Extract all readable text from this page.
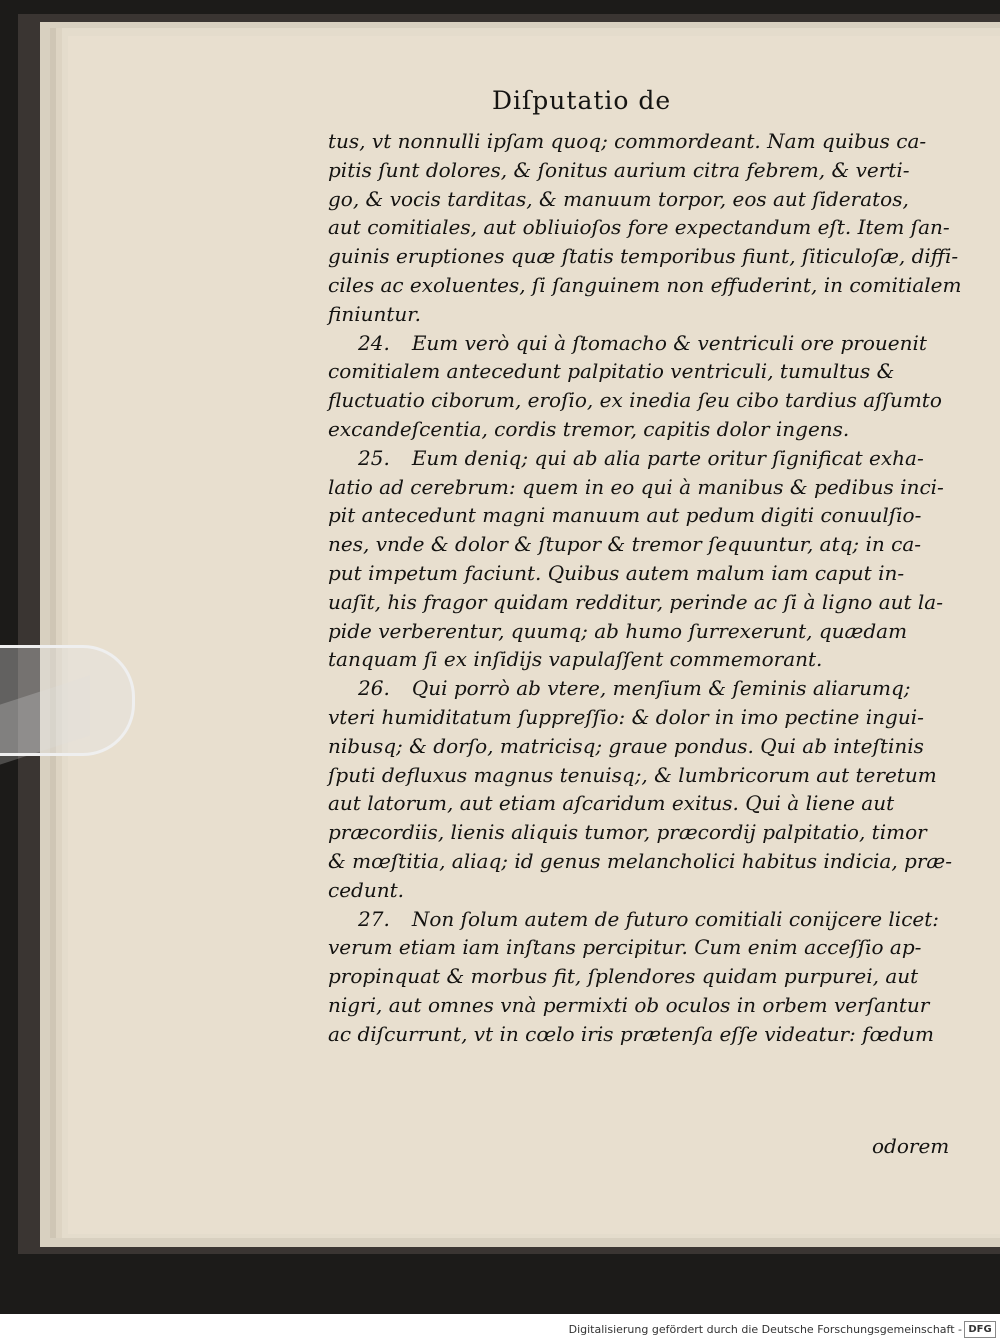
Diſputatio de
tus, vt nonnulli ipſam quoq; commordeant. Nam quibus ca-
pitis ſunt dolores, & ſonitus aurium citra febrem, & verti-
go, & vocis tarditas, & manuum torpor, eos aut ſideratos,
aut comitiales, aut obliuioſos fore expectandum eſt. Item ſan-
guinis eruptiones quæ ſtatis temporibus fiunt, ſiticuloſæ, diffi-
ciles ac exoluentes, ſi ſanguinem non effuderint, in comitialem
finiuntur.
24. Eum verò qui à ſtomacho & ventriculi ore prouenit
comitialem antecedunt palpitatio ventriculi, tumultus &
fluctuatio ciborum, eroſio, ex inedia ſeu cibo tardius aſſumto
excandeſcentia, cordis tremor, capitis dolor ingens.
25. Eum deniq; qui ab alia parte oritur ſignificat exha-
latio ad cerebrum: quem in eo qui à manibus & pedibus inci-
pit antecedunt magni manuum aut pedum digiti conuulſio-
nes, vnde & dolor & ſtupor & tremor ſequuntur, atq; in ca-
put impetum faciunt. Quibus autem malum iam caput in-
uaſit, his fragor quidam redditur, perinde ac ſi à ligno aut la-
pide verberentur, quumq; ab humo ſurrexerunt, quædam
tanquam ſi ex inſidijs vapulaſſent commemorant.
26. Qui porrò ab vtere, menſium & ſeminis aliarumq;
vteri humiditatum ſuppreſſio: & dolor in imo pectine ingui-
nibusq; & dorſo, matricisq; graue pondus. Qui ab inteſtinis
ſputi defluxus magnus tenuisq;, & lumbricorum aut teretum
aut latorum, aut etiam aſcaridum exitus. Qui à liene aut
præcordiis, lienis aliquis tumor, præcordij palpitatio, timor
& mœſtitia, aliaq; id genus melancholici habitus indicia, præ-
cedunt.
27. Non ſolum autem de futuro comitiali conijcere licet:
verum etiam iam inſtans percipitur. Cum enim acceſſio ap-
propinquat & morbus fit, ſplendores quidam purpurei, aut
nigri, aut omnes vnà permixti ob oculos in orbem verſantur
ac diſcurrunt, vt in cœlo iris prætenſa eſſe videatur: fœdum
odorem
Digitalisierung gefördert durch die Deutsche Forschungsgemeinschaft - DFG
